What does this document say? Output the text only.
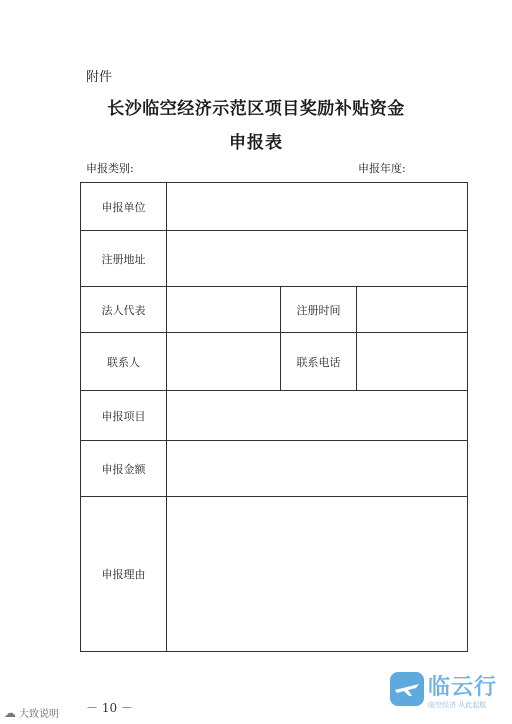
附件
长沙临空经济示范区项目奖励补贴资金
申报表
申报类别:	申报年度:
申报单位
注册地址
法人代表	注册时间
联系人	联系电话
申报项目
申报金额
申报理由
－ 10 －
☁ 大致说明
临云行
临空经济 从此起航
